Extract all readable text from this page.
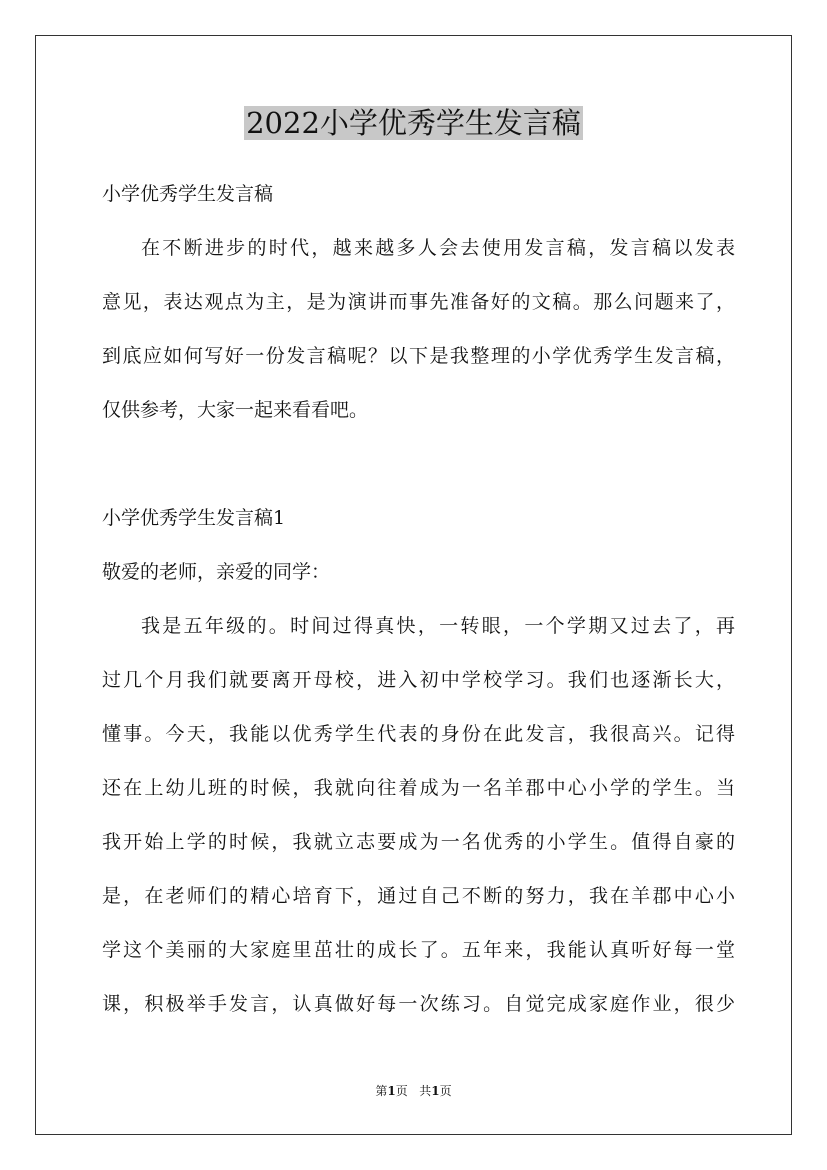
2022小学优秀学生发言稿

小学优秀学生发言稿

在不断进步的时代，越来越多人会去使用发言稿，发言稿以发表

意见，表达观点为主，是为演讲而事先准备好的文稿。那么问题来了，

到底应如何写好一份发言稿呢？以下是我整理的小学优秀学生发言稿，

仅供参考，大家一起来看看吧。

小学优秀学生发言稿1

敬爱的老师，亲爱的同学：

我是五年级的。时间过得真快，一转眼，一个学期又过去了，再

过几个月我们就要离开母校，进入初中学校学习。我们也逐渐长大，

懂事。今天，我能以优秀学生代表的身份在此发言，我很高兴。记得

还在上幼儿班的时候，我就向往着成为一名羊郡中心小学的学生。当

我开始上学的时候，我就立志要成为一名优秀的小学生。值得自豪的

是，在老师们的精心培育下，通过自己不断的努力，我在羊郡中心小

学这个美丽的大家庭里茁壮的成长了。五年来，我能认真听好每一堂

课，积极举手发言，认真做好每一次练习。自觉完成家庭作业，很少

第1页 共1页
